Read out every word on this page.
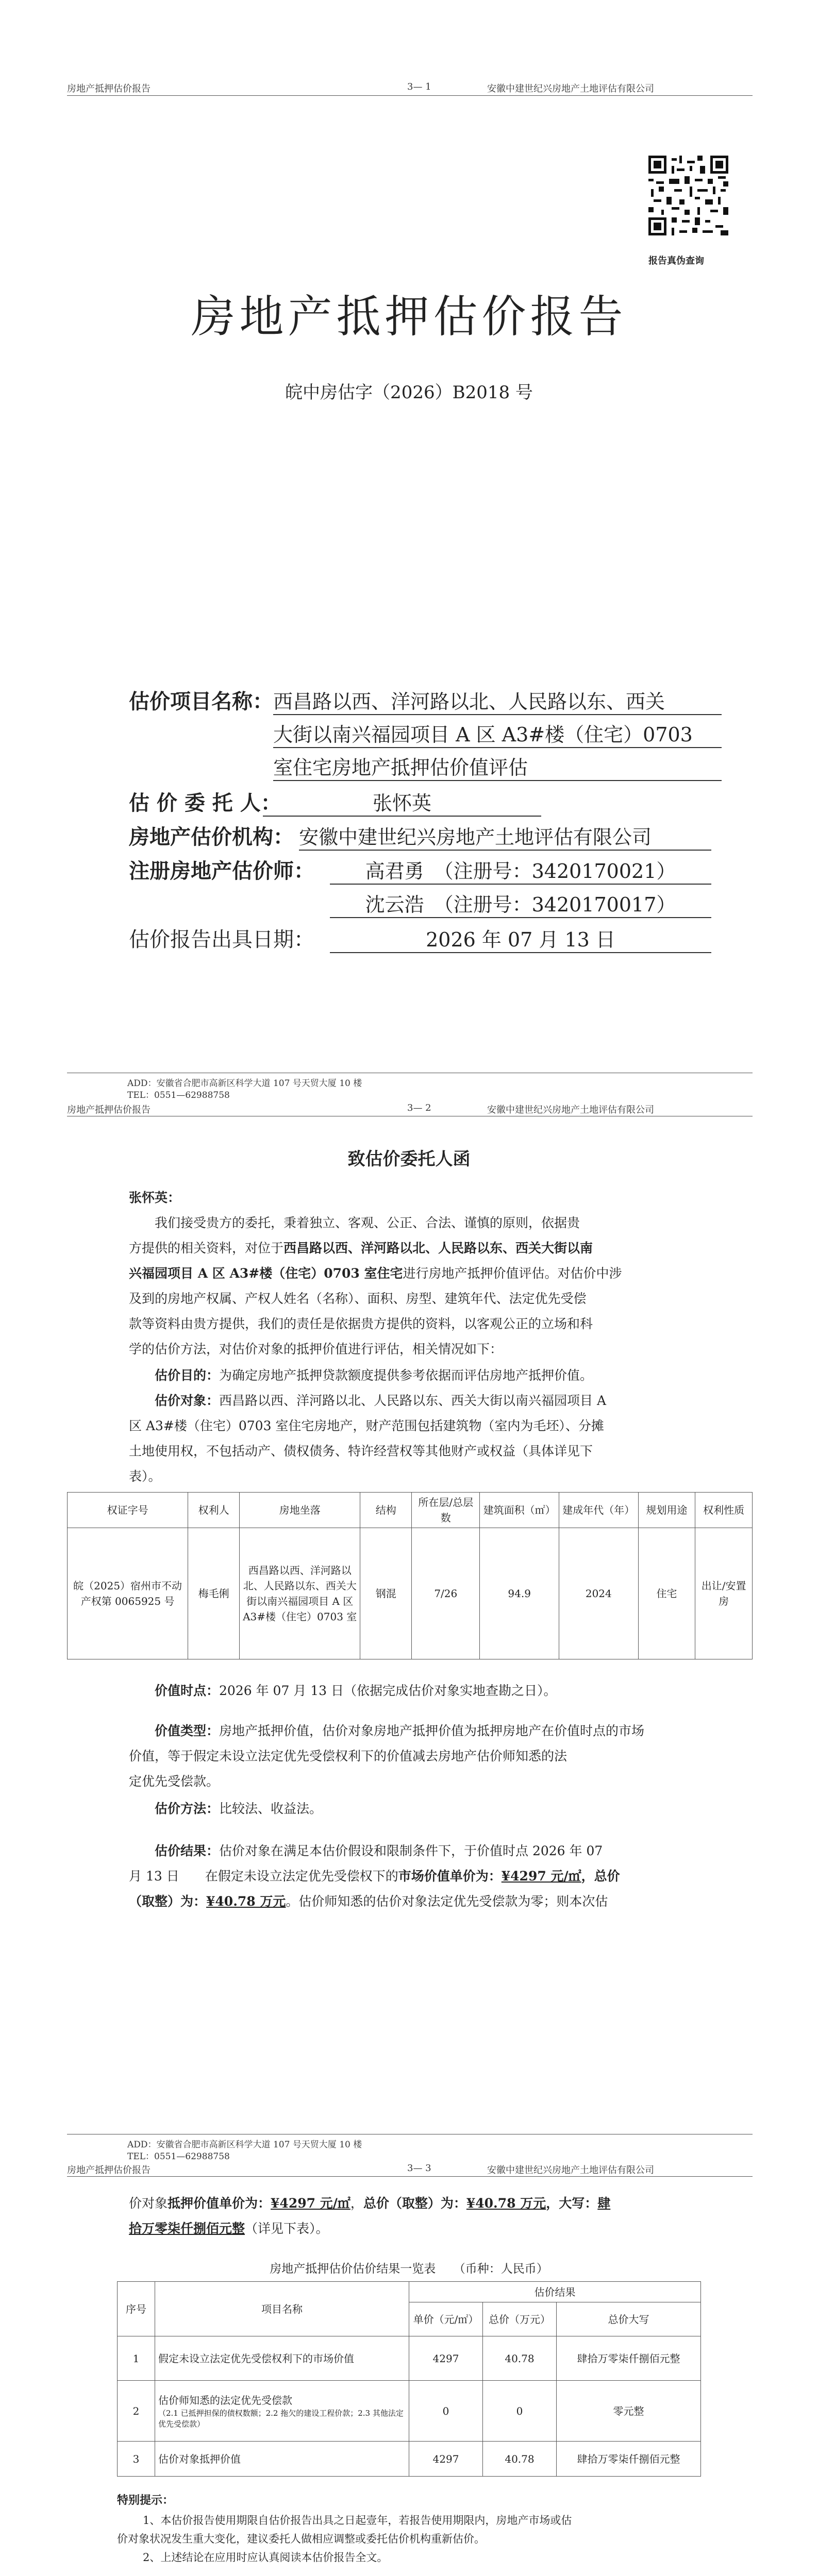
房地产抵押估价报告	3— 1	安徽中建世纪兴房地产土地评估有限公司
报告真伪查询
房地产抵押估价报告
皖中房估字（2026）B2018 号
估价项目名称： 西昌路以西、洋河路以北、人民路以东、西关
大街以南兴福园项目 A 区 A3#楼（住宅）0703
室住宅房地产抵押估价值评估
估 价 委 托 人：	张怀英
房地产估价机构： 安徽中建世纪兴房地产土地评估有限公司
注册房地产估价师：	高君勇　（注册号：3420170021）
沈云浩　（注册号：3420170017）
估价报告出具日期：	2026 年 07 月 13 日
ADD：安徽省合肥市高新区科学大道 107 号天贸大厦 10 楼
TEL：0551—62988758
房地产抵押估价报告	3— 2	安徽中建世纪兴房地产土地评估有限公司
致估价委托人函
张怀英：
我们接受贵方的委托，秉着独立、客观、公正、合法、谨慎的原则，依据贵
方提供的相关资料，对位于西昌路以西、洋河路以北、人民路以东、西关大街以南
兴福园项目 A 区 A3#楼（住宅）0703 室住宅进行房地产抵押价值评估。对估价中涉
及到的房地产权属、产权人姓名（名称）、面积、房型、建筑年代、法定优先受偿
款等资料由贵方提供，我们的责任是依据贵方提供的资料，以客观公正的立场和科
学的估价方法，对估价对象的抵押价值进行评估，相关情况如下：
估价目的：为确定房地产抵押贷款额度提供参考依据而评估房地产抵押价值。
估价对象：西昌路以西、洋河路以北、人民路以东、西关大街以南兴福园项目 A
区 A3#楼（住宅）0703 室住宅房地产，财产范围包括建筑物（室内为毛坯）、分摊
土地使用权，不包括动产、债权债务、特许经营权等其他财产或权益（具体详见下
表）。
权证字号	权利人	房地坐落	结构	所在层/总层数	建筑面积（㎡）	建成年代（年）	规划用途	权利性质
皖（2025）宿州市不动产权第 0065925 号	梅毛俐	西昌路以西、洋河路以北、人民路以东、西关大街以南兴福园项目 A 区 A3#楼（住宅）0703 室	钢混	7/26	94.9	2024	住宅	出让/安置房
价值时点：2026 年 07 月 13 日（依据完成估价对象实地查勘之日）。
价值类型：房地产抵押价值，估价对象房地产抵押价值为抵押房地产在价值时点的市场
价值，等于假定未设立法定优先受偿权利下的价值减去房地产估价师知悉的法
定优先受偿款。
估价方法：比较法、收益法。
估价结果：估价对象在满足本估价假设和限制条件下，于价值时点 2026 年 07
月 13 日　　 在假定未设立法定优先受偿权下的市场价值单价为：¥4297 元/㎡，总价
（取整）为：¥40.78 万元。估价师知悉的估价对象法定优先受偿款为零；则本次估
ADD：安徽省合肥市高新区科学大道 107 号天贸大厦 10 楼
TEL：0551—62988758
房地产抵押估价报告	3— 3	安徽中建世纪兴房地产土地评估有限公司
价对象抵押价值单价为：¥4297 元/㎡，总价（取整）为：¥40.78 万元，大写：肆
拾万零柒仟捌佰元整（详见下表）。
房地产抵押估价估价结果一览表　　（币种：人民币）
序号	项目名称	估价结果		
		单价（元/㎡）	总价（万元）	总价大写
1	假定未设立法定优先受偿权利下的市场价值	4297	40.78	肆拾万零柒仟捌佰元整
2	估价师知悉的法定优先受偿款
（2.1 已抵押担保的债权数额；2.2 拖欠的建设工程价款；2.3 其他法定优先受偿款）	0	0	零元整
3	估价对象抵押价值	4297	40.78	肆拾万零柒仟捌佰元整
特别提示：
1、本估价报告使用期限自估价报告出具之日起壹年，若报告使用期限内，房地产市场或估
价对象状况发生重大变化，建议委托人做相应调整或委托估价机构重新估价。
2、上述结论在应用时应认真阅读本估价报告全文。
